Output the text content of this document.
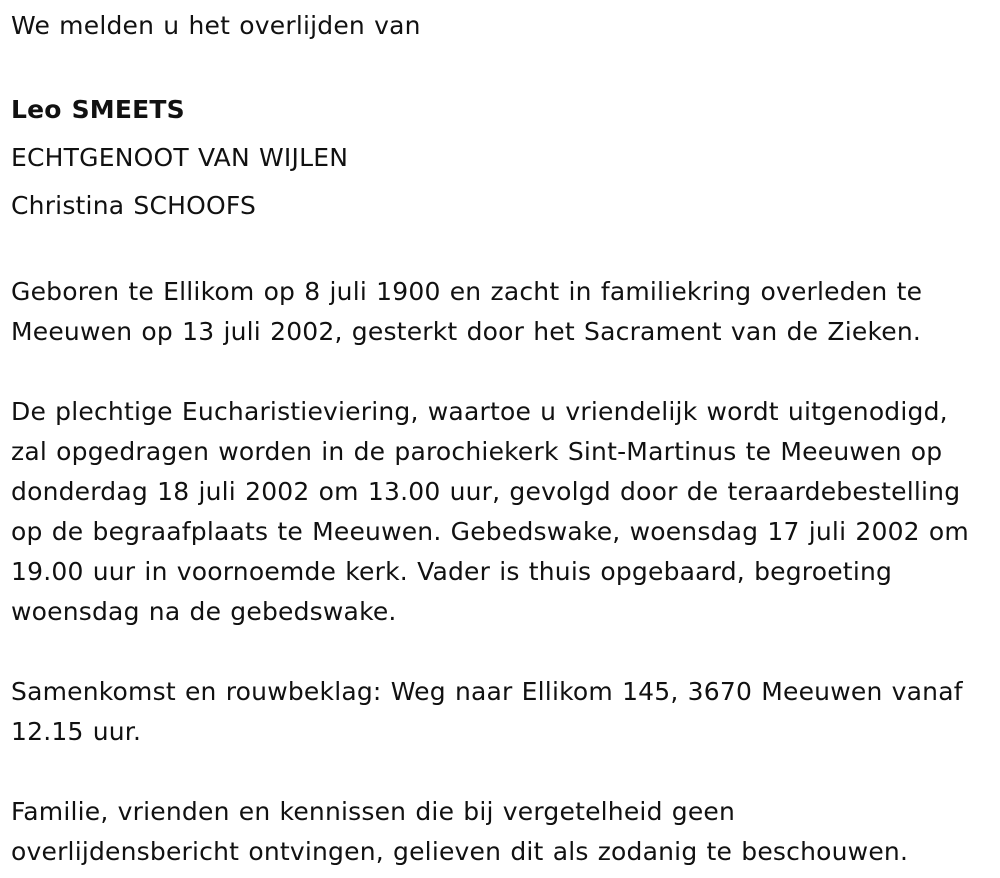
We melden u het overlijden van
Leo SMEETS
ECHTGENOOT VAN WIJLEN
Christina SCHOOFS
Geboren te Ellikom op 8 juli 1900 en zacht in familiekring overleden te
Meeuwen op 13 juli 2002, gesterkt door het Sacrament van de Zieken.
De plechtige Eucharistieviering, waartoe u vriendelijk wordt uitgenodigd,
zal opgedragen worden in de parochiekerk Sint-Martinus te Meeuwen op
donderdag 18 juli 2002 om 13.00 uur, gevolgd door de teraardebestelling
op de begraafplaats te Meeuwen. Gebedswake, woensdag 17 juli 2002 om
19.00 uur in voornoemde kerk. Vader is thuis opgebaard, begroeting
woensdag na de gebedswake.
Samenkomst en rouwbeklag: Weg naar Ellikom 145, 3670 Meeuwen vanaf
12.15 uur.
Familie, vrienden en kennissen die bij vergetelheid geen
overlijdensbericht ontvingen, gelieven dit als zodanig te beschouwen.
